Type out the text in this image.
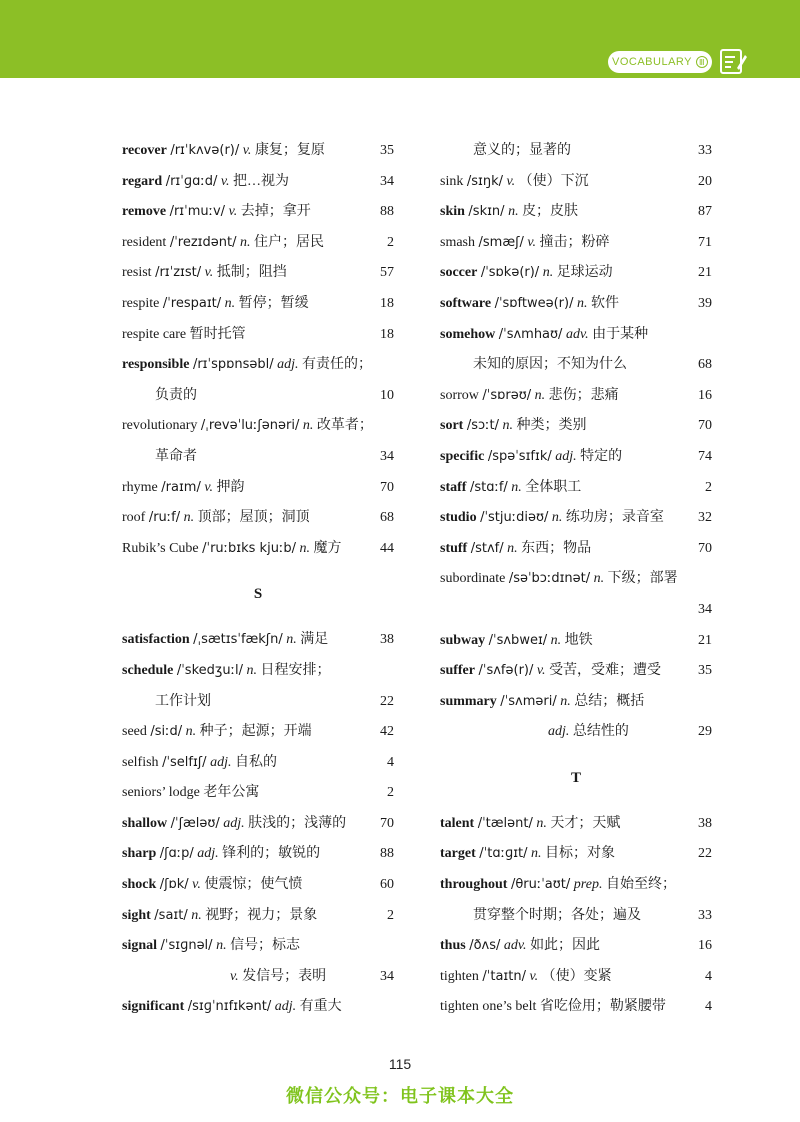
VOCABULARY Ⅲ
recover /rɪˈkʌvə(r)/ v. 康复；复原	35
regard /rɪˈɡɑːd/ v. 把…视为	34
remove /rɪˈmuːv/ v. 去掉；拿开	88
resident /ˈrezɪdənt/ n. 住户；居民	2
resist /rɪˈzɪst/ v. 抵制；阻挡	57
respite /ˈrespaɪt/ n. 暂停；暂缓	18
respite care 暂时托管	18
responsible /rɪˈspɒnsəbl/ adj. 有责任的；
负责的	10
revolutionary /ˌrevəˈluːʃənəri/ n. 改革者；
革命者	34
rhyme /raɪm/ v. 押韵	70
roof /ruːf/ n. 顶部；屋顶；洞顶	68
Rubik’s Cube /ˈruːbɪks kjuːb/ n. 魔方	44
S
satisfaction /ˌsætɪsˈfækʃn/ n. 满足	38
schedule /ˈskedʒuːl/ n. 日程安排；
工作计划	22
seed /siːd/ n. 种子；起源；开端	42
selfish /ˈselfɪʃ/ adj. 自私的	4
seniors’ lodge 老年公寓	2
shallow /ˈʃæləʊ/ adj. 肤浅的；浅薄的 70
sharp /ʃɑːp/ adj. 锋利的；敏锐的	88
shock /ʃɒk/ v. 使震惊；使气愤	60
sight /saɪt/ n. 视野；视力；景象	2
signal /ˈsɪɡnəl/ n. 信号；标志
v. 发信号；表明	34
significant /sɪɡˈnɪfɪkənt/ adj. 有重大
意义的；显著的	33
sink /sɪŋk/ v. （使）下沉	20
skin /skɪn/ n. 皮；皮肤	87
smash /smæʃ/ v. 撞击；粉碎	71
soccer /ˈsɒkə(r)/ n. 足球运动	21
software /ˈsɒftweə(r)/ n. 软件	39
somehow /ˈsʌmhaʊ/ adv. 由于某种
未知的原因；不知为什么	68
sorrow /ˈsɒrəʊ/ n. 悲伤；悲痛	16
sort /sɔːt/ n. 种类；类别	70
specific /spəˈsɪfɪk/ adj. 特定的	74
staff /stɑːf/ n. 全体职工	2
studio /ˈstjuːdiəʊ/ n. 练功房；录音室 32
stuff /stʌf/ n. 东西；物品	70
subordinate /səˈbɔːdɪnət/ n. 下级；部署
34
subway /ˈsʌbweɪ/ n. 地铁	21
suffer /ˈsʌfə(r)/ v. 受苦，受难；遭受	35
summary /ˈsʌməri/ n. 总结；概括
adj. 总结性的	29
T
talent /ˈtælənt/ n. 天才；天赋	38
target /ˈtɑːɡɪt/ n. 目标；对象	22
throughout /θruːˈaʊt/ prep. 自始至终；
贯穿整个时期；各处；遍及	33
thus /ðʌs/ adv. 如此；因此	16
tighten /ˈtaɪtn/ v. （使）变紧	4
tighten one’s belt 省吃俭用；勒紧腰带	4
115
微信公众号：电子课本大全
